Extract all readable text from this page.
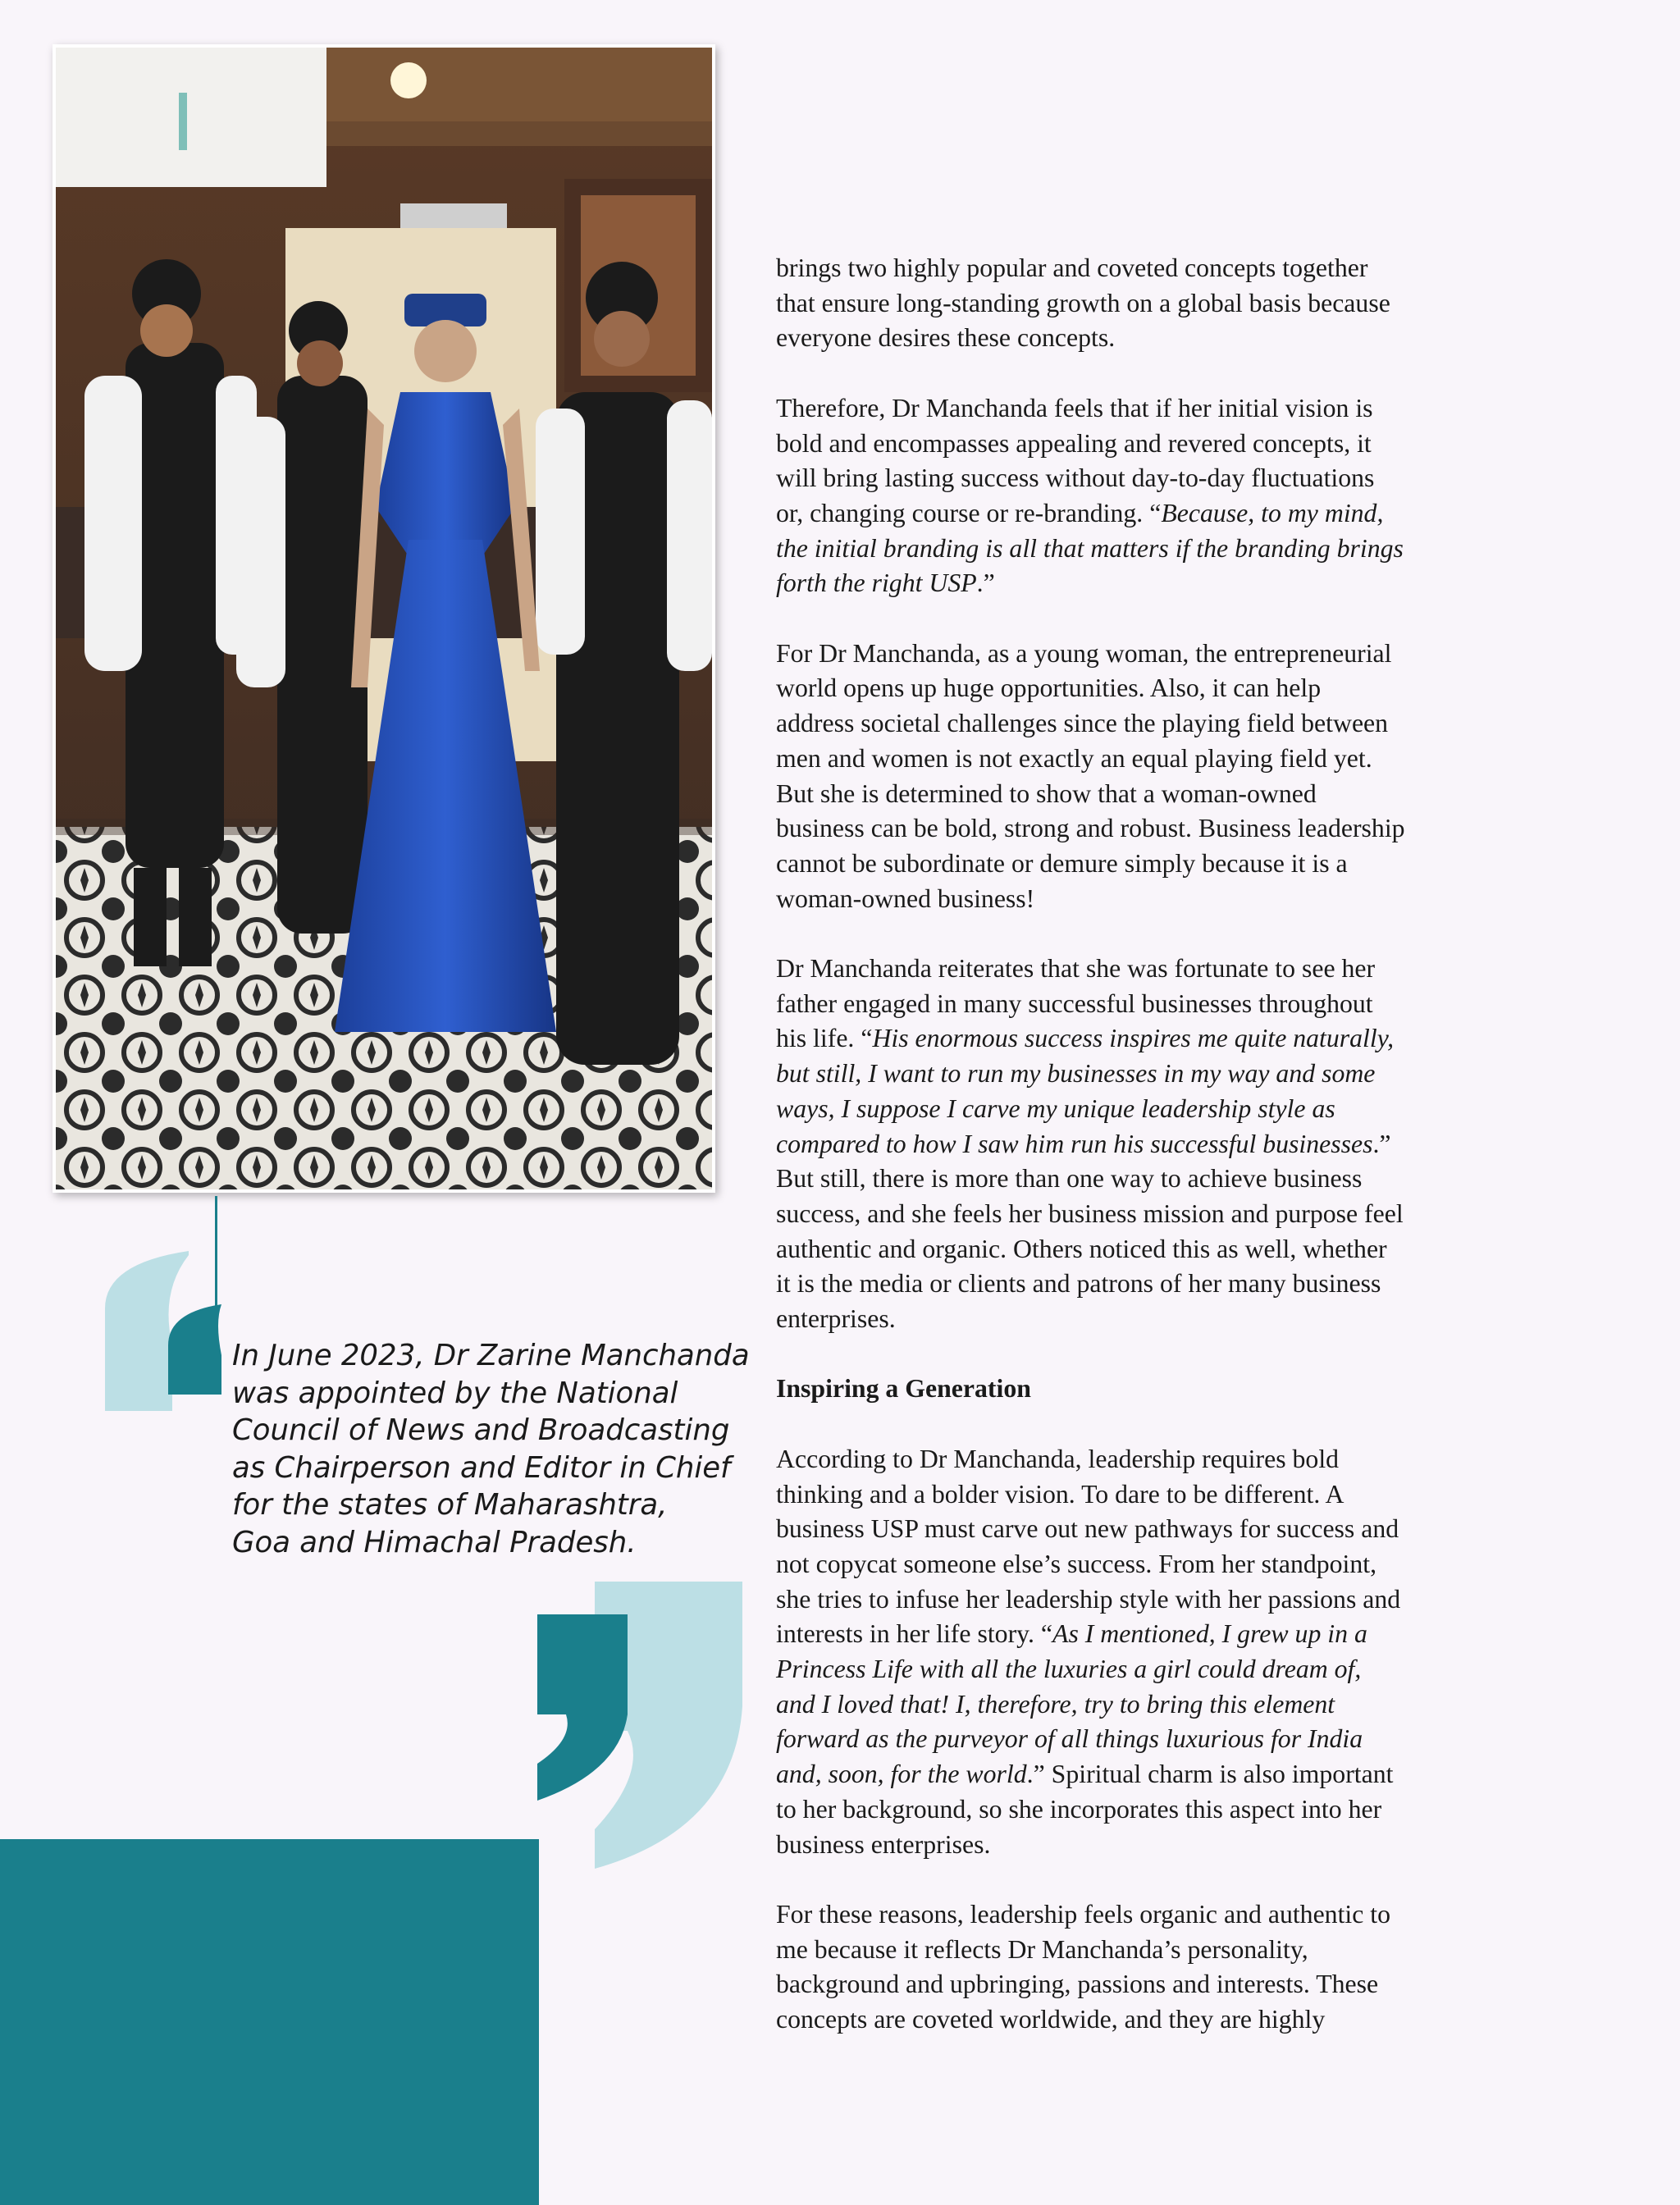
In June 2023, Dr Zarine Manchanda
was appointed by the National
Council of News and Broadcasting
as Chairperson and Editor in Chief
for the states of Maharashtra,
Goa and Himachal Pradesh.

brings two highly popular and coveted concepts together
that ensure long-standing growth on a global basis because
everyone desires these concepts.

Therefore, Dr Manchanda feels that if her initial vision is
bold and encompasses appealing and revered concepts, it
will bring lasting success without day-to-day fluctuations
or, changing course or re-branding. “Because, to my mind,
the initial branding is all that matters if the branding brings
forth the right USP.”

For Dr Manchanda, as a young woman, the entrepreneurial
world opens up huge opportunities. Also, it can help
address societal challenges since the playing field between
men and women is not exactly an equal playing field yet.
But she is determined to show that a woman-owned
business can be bold, strong and robust. Business leadership
cannot be subordinate or demure simply because it is a
woman-owned business!

Dr Manchanda reiterates that she was fortunate to see her
father engaged in many successful businesses throughout
his life. “His enormous success inspires me quite naturally,
but still, I want to run my businesses in my way and some
ways, I suppose I carve my unique leadership style as
compared to how I saw him run his successful businesses.”
But still, there is more than one way to achieve business
success, and she feels her business mission and purpose feel
authentic and organic. Others noticed this as well, whether
it is the media or clients and patrons of her many business
enterprises.

Inspiring a Generation

According to Dr Manchanda, leadership requires bold
thinking and a bolder vision. To dare to be different. A
business USP must carve out new pathways for success and
not copycat someone else’s success. From her standpoint,
she tries to infuse her leadership style with her passions and
interests in her life story. “As I mentioned, I grew up in a
Princess Life with all the luxuries a girl could dream of,
and I loved that! I, therefore, try to bring this element
forward as the purveyor of all things luxurious for India
and, soon, for the world.” Spiritual charm is also important
to her background, so she incorporates this aspect into her
business enterprises.

For these reasons, leadership feels organic and authentic to
me because it reflects Dr Manchanda’s personality,
background and upbringing, passions and interests. These
concepts are coveted worldwide, and they are highly
